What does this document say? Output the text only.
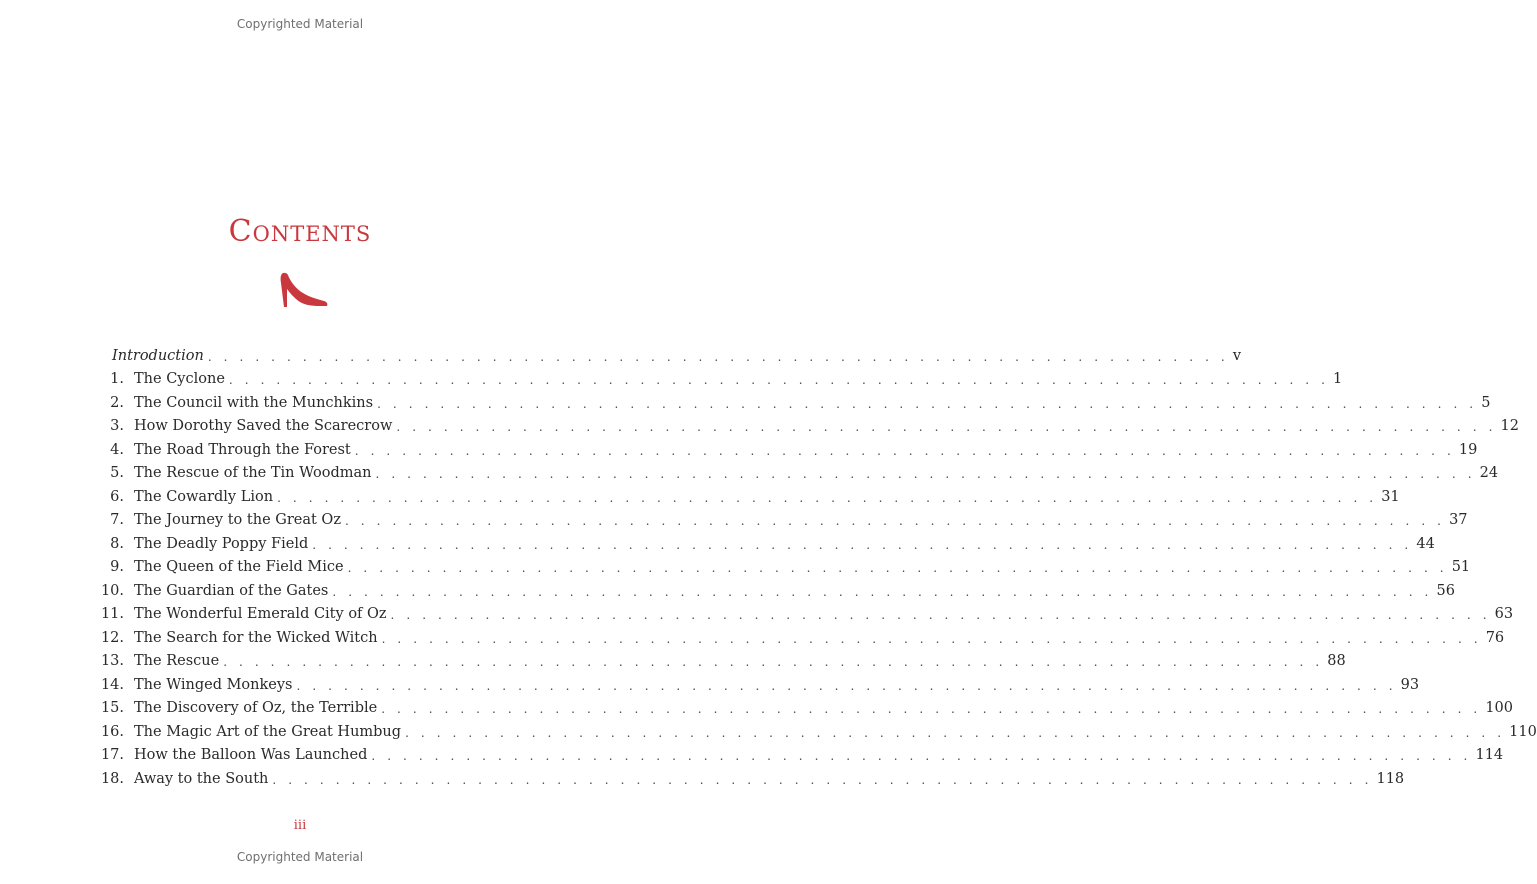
Copyrighted Material
Contents
Introduction . . . . . . . . . . . . . . . . . . . . . . . . . . . . . . . . . . . . . . . . . . . . . . . . . . . . . . . . . . . . . . . . . v
1. The Cyclone . . . . . . . . . . . . . . . . . . . . . . . . . . . . . . . . . . . . . . . . . . . . . . . . . . . . . . . . . . . . . . . . . . . . . . 1
2. The Council with the Munchkins . . . . . . . . . . . . . . . . . . . . . . . . . . . . . . . . . . . . . . . . . . . . . . . . . . . . . . . . . . . . . . . . . . . . . . 5
3. How Dorothy Saved the Scarecrow . . . . . . . . . . . . . . . . . . . . . . . . . . . . . . . . . . . . . . . . . . . . . . . . . . . . . . . . . . . . . . . . . . . . . . 12
4. The Road Through the Forest . . . . . . . . . . . . . . . . . . . . . . . . . . . . . . . . . . . . . . . . . . . . . . . . . . . . . . . . . . . . . . . . . . . . . . 19
5. The Rescue of the Tin Woodman . . . . . . . . . . . . . . . . . . . . . . . . . . . . . . . . . . . . . . . . . . . . . . . . . . . . . . . . . . . . . . . . . . . . . . 24
6. The Cowardly Lion . . . . . . . . . . . . . . . . . . . . . . . . . . . . . . . . . . . . . . . . . . . . . . . . . . . . . . . . . . . . . . . . . . . . . . 31
7. The Journey to the Great Oz . . . . . . . . . . . . . . . . . . . . . . . . . . . . . . . . . . . . . . . . . . . . . . . . . . . . . . . . . . . . . . . . . . . . . . 37
8. The Deadly Poppy Field . . . . . . . . . . . . . . . . . . . . . . . . . . . . . . . . . . . . . . . . . . . . . . . . . . . . . . . . . . . . . . . . . . . . . . 44
9. The Queen of the Field Mice . . . . . . . . . . . . . . . . . . . . . . . . . . . . . . . . . . . . . . . . . . . . . . . . . . . . . . . . . . . . . . . . . . . . . . 51
10. The Guardian of the Gates . . . . . . . . . . . . . . . . . . . . . . . . . . . . . . . . . . . . . . . . . . . . . . . . . . . . . . . . . . . . . . . . . . . . . . 56
11. The Wonderful Emerald City of Oz . . . . . . . . . . . . . . . . . . . . . . . . . . . . . . . . . . . . . . . . . . . . . . . . . . . . . . . . . . . . . . . . . . . . . . 63
12. The Search for the Wicked Witch . . . . . . . . . . . . . . . . . . . . . . . . . . . . . . . . . . . . . . . . . . . . . . . . . . . . . . . . . . . . . . . . . . . . . . 76
13. The Rescue . . . . . . . . . . . . . . . . . . . . . . . . . . . . . . . . . . . . . . . . . . . . . . . . . . . . . . . . . . . . . . . . . . . . . . 88
14. The Winged Monkeys . . . . . . . . . . . . . . . . . . . . . . . . . . . . . . . . . . . . . . . . . . . . . . . . . . . . . . . . . . . . . . . . . . . . . . 93
15. The Discovery of Oz, the Terrible . . . . . . . . . . . . . . . . . . . . . . . . . . . . . . . . . . . . . . . . . . . . . . . . . . . . . . . . . . . . . . . . . . . . . . 100
16. The Magic Art of the Great Humbug . . . . . . . . . . . . . . . . . . . . . . . . . . . . . . . . . . . . . . . . . . . . . . . . . . . . . . . . . . . . . . . . . . . . . . 110
17. How the Balloon Was Launched . . . . . . . . . . . . . . . . . . . . . . . . . . . . . . . . . . . . . . . . . . . . . . . . . . . . . . . . . . . . . . . . . . . . . . 114
18. Away to the South . . . . . . . . . . . . . . . . . . . . . . . . . . . . . . . . . . . . . . . . . . . . . . . . . . . . . . . . . . . . . . . . . . . . . . 118
iii
Copyrighted Material
